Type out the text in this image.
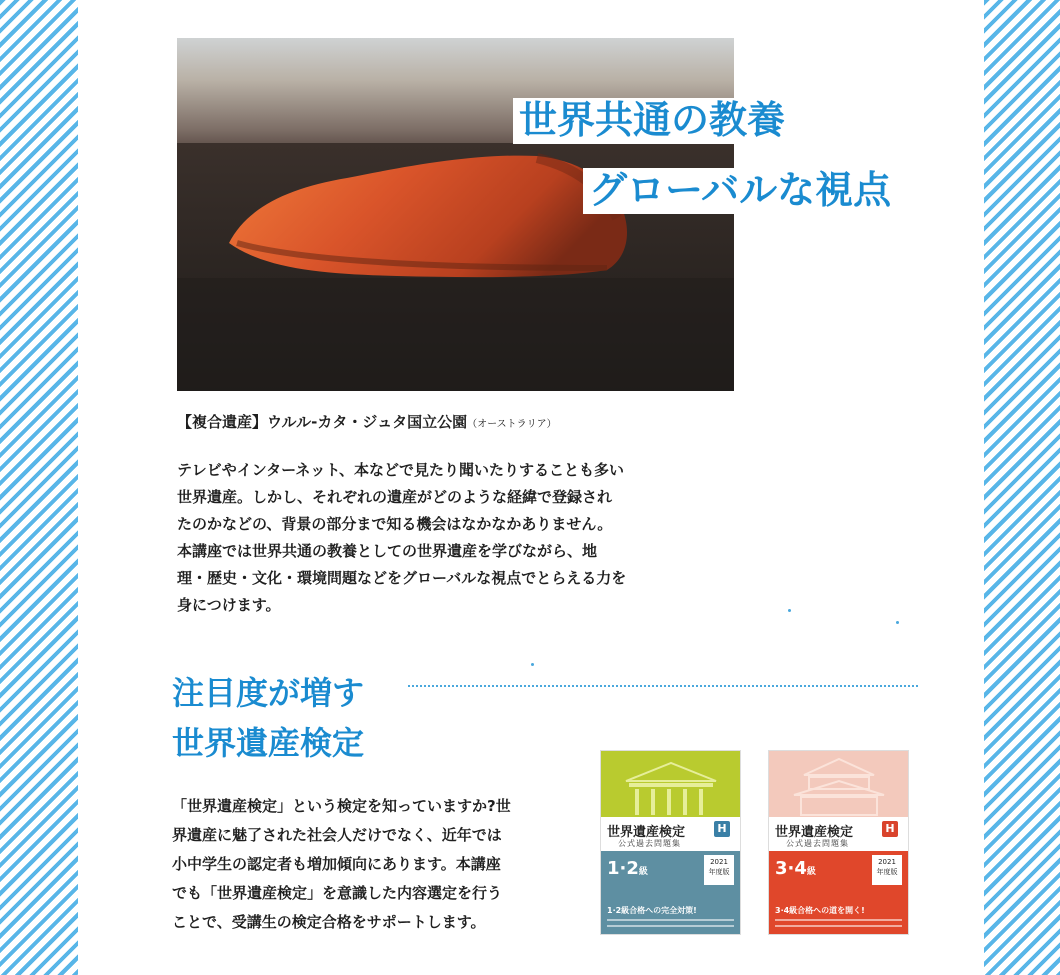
世界共通の教養
グローバルな視点
【複合遺産】ウルル-カタ・ジュタ国立公園（オーストラリア）

テレビやインターネット、本などで見たり聞いたりすることも多い

世界遺産。しかし、それぞれの遺産がどのような経緯で登録され

たのかなどの、背景の部分まで知る機会はなかなかありません。

本講座では世界共通の教養としての世界遺産を学びながら、地

理・歴史・文化・環境問題などをグローバルな視点でとらえる力を

身につけます。

注目度が増す
世界遺産検定

「世界遺産検定」という検定を知っていますか?世

界遺産に魅了された社会人だけでなく、近年では

小中学生の認定者も増加傾向にあります。本講座

でも「世界遺産検定」を意識した内容選定を行う

ことで、受講生の検定合格をサポートします。

世界遺産検定
公式過去問題集
H
1·2級
2021
年度版
1·2級合格への完全対策!
世界遺産検定
公式過去問題集
H
3·4級
2021
年度版
3·4級合格への道を開く!
